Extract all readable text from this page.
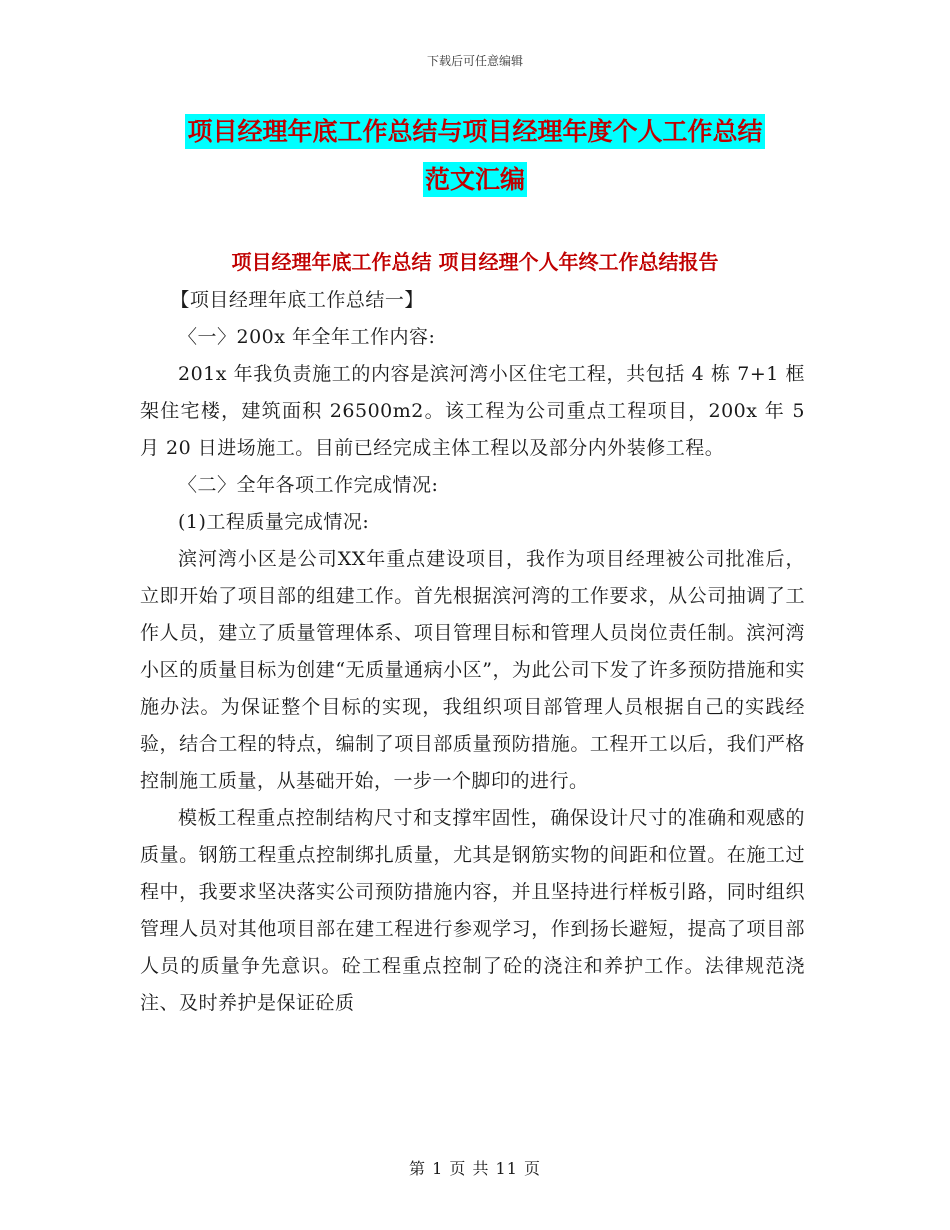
下载后可任意编辑
项目经理年底工作总结与项目经理年度个人工作总结
范文汇编
项目经理年底工作总结 项目经理个人年终工作总结报告

【项目经理年底工作总结一】

〈一〉200x 年全年工作内容:

201x 年我负责施工的内容是滨河湾小区住宅工程，共包括 4 栋 7+1 框架住宅楼，建筑面积 26500m2。该工程为公司重点工程项目，200x 年 5 月 20 日进场施工。目前已经完成主体工程以及部分内外装修工程。

〈二〉全年各项工作完成情况:

(1)工程质量完成情况:

滨河湾小区是公司XX年重点建设项目，我作为项目经理被公司批准后，立即开始了项目部的组建工作。首先根据滨河湾的工作要求，从公司抽调了工作人员，建立了质量管理体系、项目管理目标和管理人员岗位责任制。滨河湾小区的质量目标为创建“无质量通病小区”，为此公司下发了许多预防措施和实施办法。为保证整个目标的实现，我组织项目部管理人员根据自己的实践经验，结合工程的特点，编制了项目部质量预防措施。工程开工以后，我们严格控制施工质量，从基础开始，一步一个脚印的进行。

模板工程重点控制结构尺寸和支撑牢固性，确保设计尺寸的准确和观感的质量。钢筋工程重点控制绑扎质量，尤其是钢筋实物的间距和位置。在施工过程中，我要求坚决落实公司预防措施内容，并且坚持进行样板引路，同时组织管理人员对其他项目部在建工程进行参观学习，作到扬长避短，提高了项目部人员的质量争先意识。砼工程重点控制了砼的浇注和养护工作。法律规范浇注、及时养护是保证砼质

第 1 页 共 11 页
